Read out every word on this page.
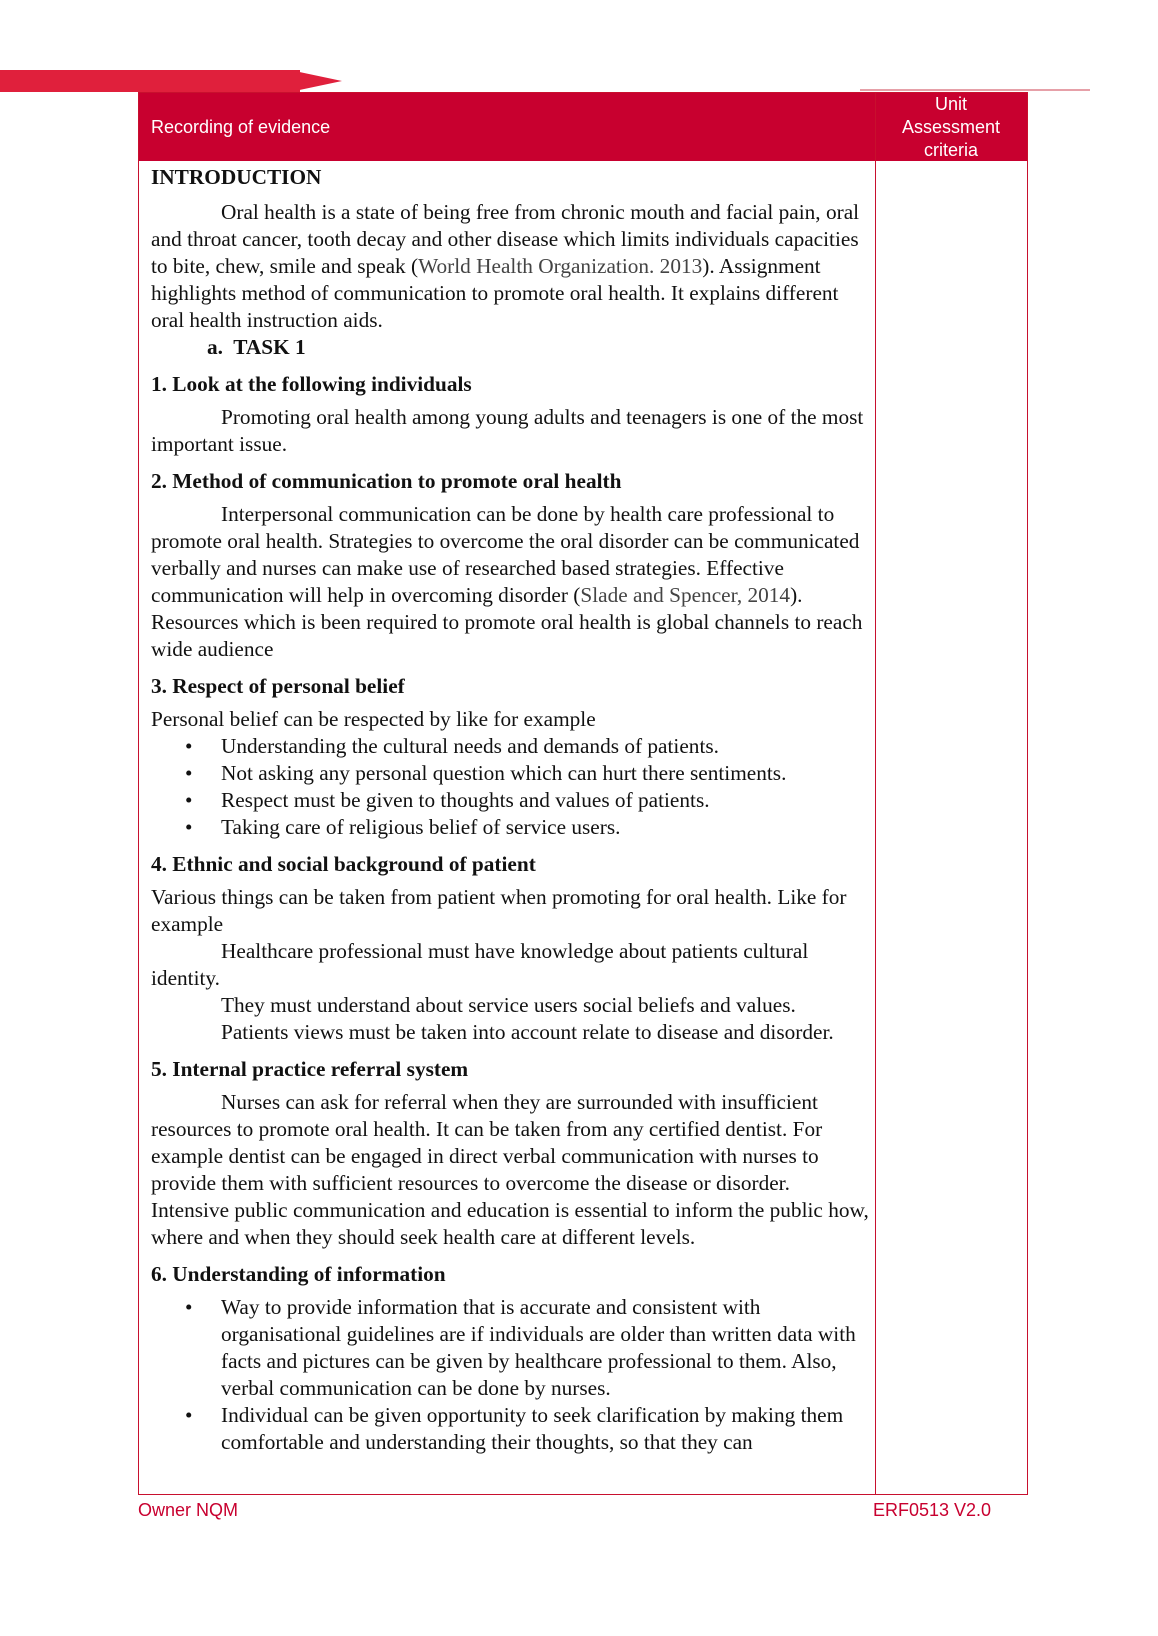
Recording of evidence
Unit
Assessment
criteria

INTRODUCTION

Oral health is a state of being free from chronic mouth and facial pain, oral and throat cancer, tooth decay and other disease which limits individuals capacities to bite, chew, smile and speak (World Health Organization. 2013). Assignment highlights method of communication to promote oral health. It explains different oral health instruction aids.

a. TASK 1

1. Look at the following individuals

Promoting oral health among young adults and teenagers is one of the most important issue.

2. Method of communication to promote oral health

Interpersonal communication can be done by health care professional to promote oral health. Strategies to overcome the oral disorder can be communicated verbally and nurses can make use of researched based strategies. Effective communication will help in overcoming disorder (Slade and Spencer, 2014). Resources which is been required to promote oral health is global channels to reach wide audience

3. Respect of personal belief

Personal belief can be respected by like for example

• Understanding the cultural needs and demands of patients.
• Not asking any personal question which can hurt there sentiments.
• Respect must be given to thoughts and values of patients.
• Taking care of religious belief of service users.

4. Ethnic and social background of patient

Various things can be taken from patient when promoting for oral health. Like for example

Healthcare professional must have knowledge about patients cultural identity.

They must understand about service users social beliefs and values.

Patients views must be taken into account relate to disease and disorder.

5. Internal practice referral system

Nurses can ask for referral when they are surrounded with insufficient resources to promote oral health. It can be taken from any certified dentist. For example dentist can be engaged in direct verbal communication with nurses to provide them with sufficient resources to overcome the disease or disorder. Intensive public communication and education is essential to inform the public how, where and when they should seek health care at different levels.

6. Understanding of information

• Way to provide information that is accurate and consistent with organisational guidelines are if individuals are older than written data with facts and pictures can be given by healthcare professional to them. Also, verbal communication can be done by nurses.
• Individual can be given opportunity to seek clarification by making them comfortable and understanding their thoughts, so that they can
Owner NQM	ERF0513 V2.0
